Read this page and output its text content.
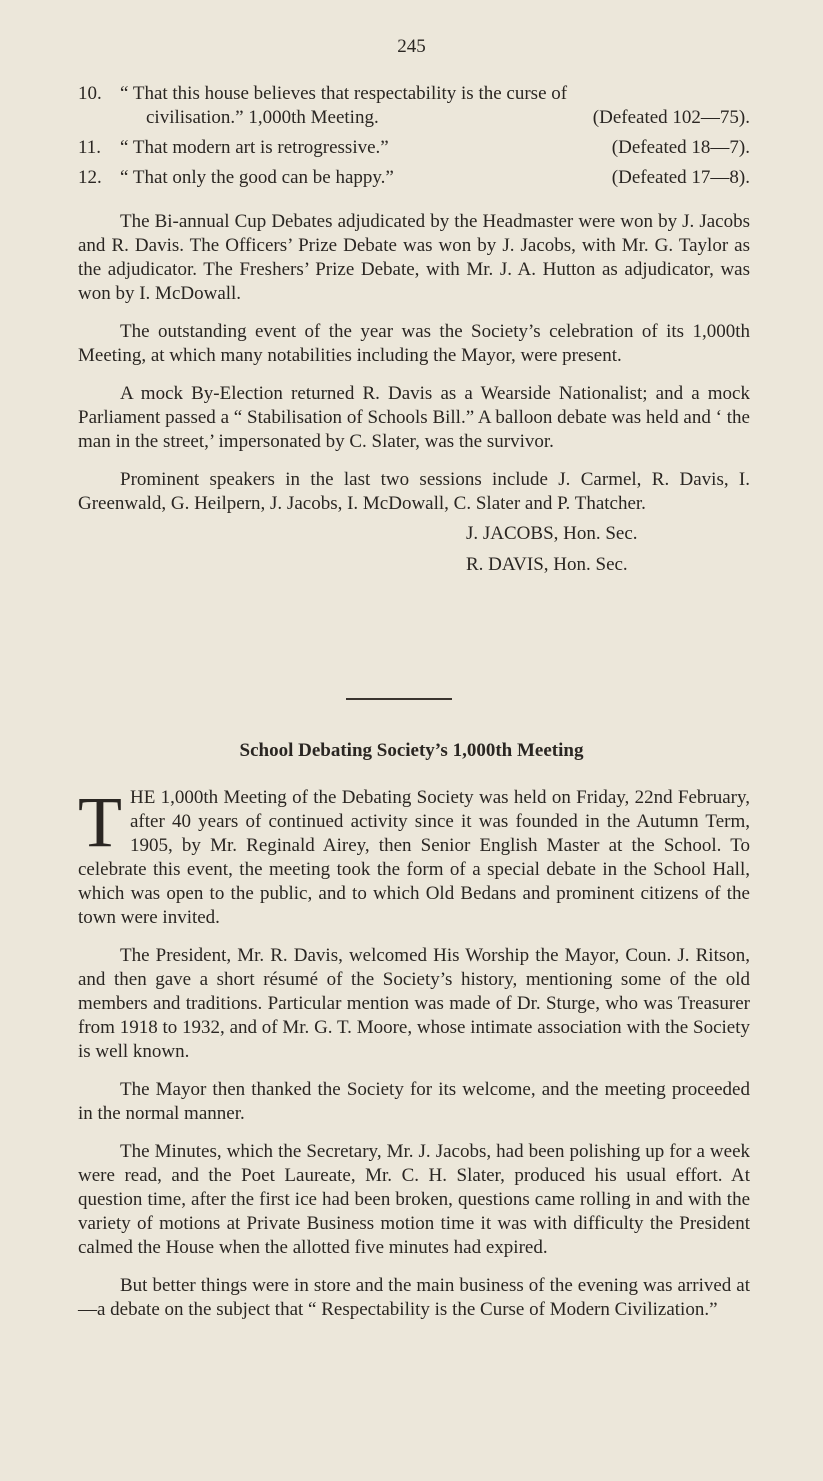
245
10. “ That this house believes that respectability is the curse of
civilisation.” 1,000th Meeting.	(Defeated 102—75).
11. “ That modern art is retrogressive.”	(Defeated 18—7).
12. “ That only the good can be happy.”	(Defeated 17—8).

The Bi-annual Cup Debates adjudicated by the Headmaster were won by J. Jacobs and R. Davis. The Officers’ Prize Debate was won by J. Jacobs, with Mr. G. Taylor as the adjudicator. The Freshers’ Prize Debate, with Mr. J. A. Hutton as adjudicator, was won by I. McDowall.

The outstanding event of the year was the Society’s celebration of its 1,000th Meeting, at which many notabilities including the Mayor, were present.

A mock By-Election returned R. Davis as a Wearside Nationalist; and a mock Parliament passed a “ Stabilisation of Schools Bill.” A balloon debate was held and ‘ the man in the street,’ impersonated by C. Slater, was the survivor.

Prominent speakers in the last two sessions include J. Carmel, R. Davis, I. Greenwald, G. Heilpern, J. Jacobs, I. McDowall, C. Slater and P. Thatcher.

J. JACOBS, Hon. Sec.
R. DAVIS, Hon. Sec.
School Debating Society’s 1,000th Meeting

THE 1,000th Meeting of the Debating Society was held on Friday, 22nd February, after 40 years of continued activity since it was founded in the Autumn Term, 1905, by Mr. Reginald Airey, then Senior English Master at the School. To celebrate this event, the meeting took the form of a special debate in the School Hall, which was open to the public, and to which Old Bedans and prominent citizens of the town were invited.

The President, Mr. R. Davis, welcomed His Worship the Mayor, Coun. J. Ritson, and then gave a short résumé of the Society’s history, mentioning some of the old members and traditions. Particular mention was made of Dr. Sturge, who was Treasurer from 1918 to 1932, and of Mr. G. T. Moore, whose intimate association with the Society is well known.

The Mayor then thanked the Society for its welcome, and the meeting proceeded in the normal manner.

The Minutes, which the Secretary, Mr. J. Jacobs, had been polishing up for a week were read, and the Poet Laureate, Mr. C. H. Slater, produced his usual effort. At question time, after the first ice had been broken, questions came rolling in and with the variety of motions at Private Business motion time it was with difficulty the President calmed the House when the allotted five minutes had expired.

But better things were in store and the main business of the evening was arrived at—a debate on the subject that “ Respectability is the Curse of Modern Civilization.”
